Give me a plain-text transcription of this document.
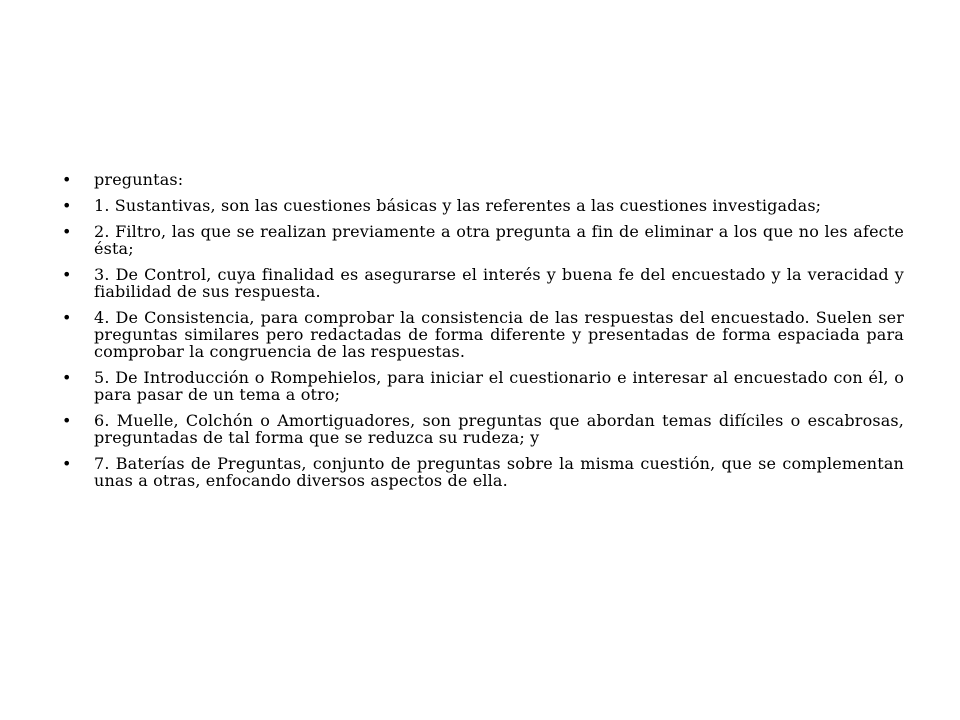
•	preguntas:
•	1. Sustantivas, son las cuestiones básicas y las referentes a las cuestiones investigadas;
•	2. Filtro, las que se realizan previamente a otra pregunta a fin de eliminar a los que no les afecte ésta;
•	3. De Control, cuya finalidad es asegurarse el interés y buena fe del encuestado y la veracidad y fiabilidad de sus respuesta.
•	4. De Consistencia, para comprobar la consistencia de las respuestas del encuestado. Suelen ser preguntas similares pero redactadas de forma diferente y presentadas de forma espaciada para comprobar la congruencia de las respuestas.
•	5. De Introducción o Rompehielos, para iniciar el cuestionario e interesar al encuestado con él, o para pasar de un tema a otro;
•	6. Muelle, Colchón o Amortiguadores, son preguntas que abordan temas difíciles o escabrosas, preguntadas de tal forma que se reduzca su rudeza; y
•	7. Baterías de Preguntas, conjunto de preguntas sobre la misma cuestión, que se complementan unas a otras, enfocando diversos aspectos de ella.
